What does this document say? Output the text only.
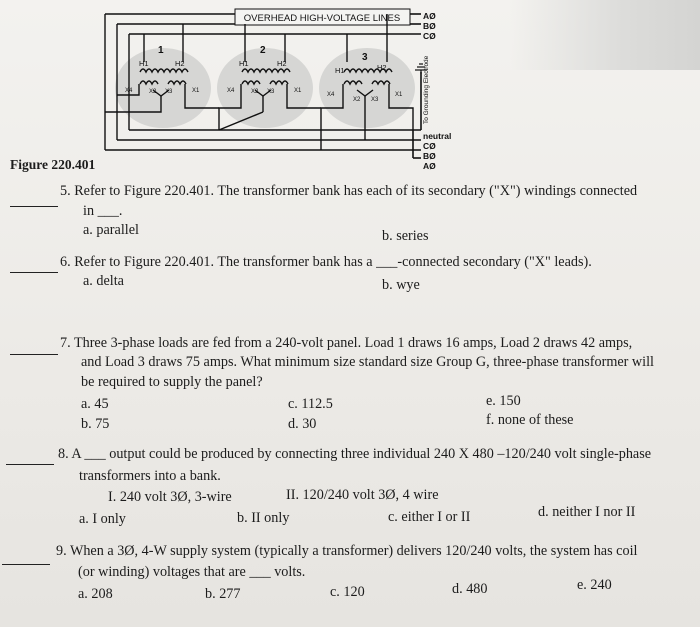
OVERHEAD HIGH-VOLTAGE LINES	AØ
BØ
CØ
1
H1	H2
X4	X2 X3	X1
2
H1	H2
X4	X2 X3	X1
3
H1	H2
X4
X2 X3
X1	To Grounding Electrode
neutral
CØ
BØ
AØ
Figure 220.401
5. Refer to Figure 220.401. The transformer bank has each of its secondary ("X") windings connected
in ___.
a. parallel	b. series
6. Refer to Figure 220.401. The transformer bank has a ___-connected secondary ("X" leads).
a. delta	b. wye
7. Three 3-phase loads are fed from a 240-volt panel. Load 1 draws 16 amps, Load 2 draws 42 amps,
and Load 3 draws 75 amps. What minimum size standard size Group G, three-phase transformer will
be required to supply the panel?
a. 45
b. 75
c. 112.5
d. 30
e. 150
f. none of these
8. A ___ output could be produced by connecting three individual 240 X 480 –120/240 volt single-phase
transformers into a bank.
I. 240 volt 3Ø, 3-wire	II. 120/240 volt 3Ø, 4 wire
a. I only	b. II only	c. either I or II	d. neither I nor II
9. When a 3Ø, 4-W supply system (typically a transformer) delivers 120/240 volts, the system has coil
(or winding) voltages that are ___ volts.
a. 208	b. 277	c. 120	d. 480	e. 240
